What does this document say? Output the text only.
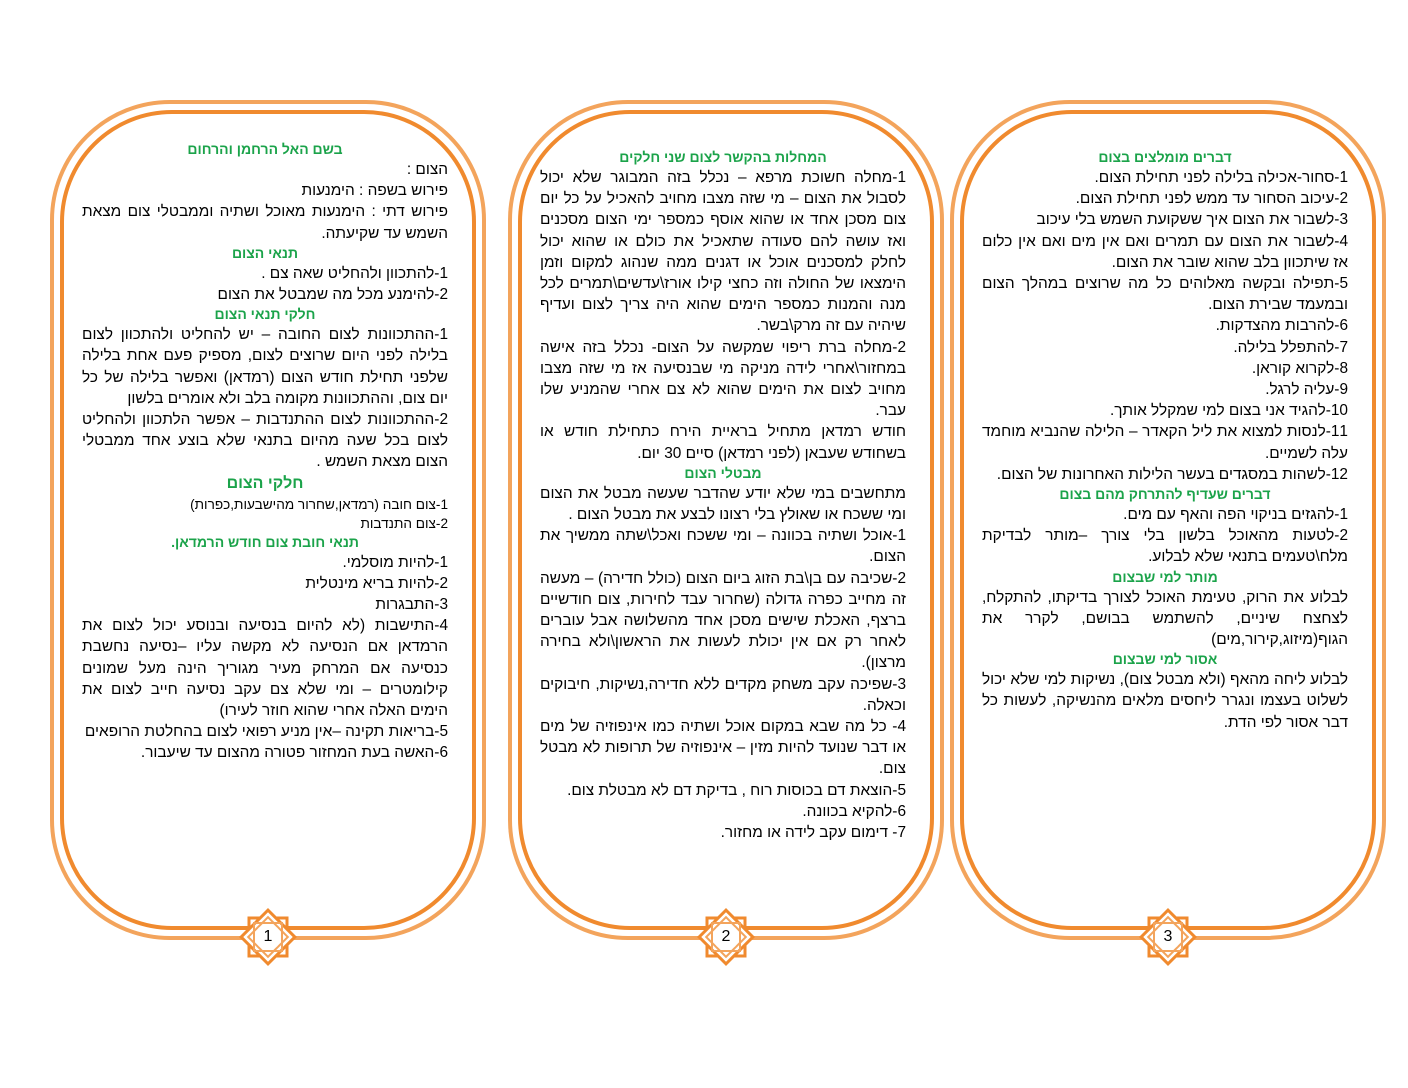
בשם האל הרחמן והרחום

הצום :

פירוש בשפה : הימנעות

פירוש דתי : הימנעות מאוכל ושתיה וממבטלי צום מצאת השמש עד שקיעתה.

תנאי הצום

1-להתכוון ולהחליט שאה צם .

2-להימנע מכל מה שמבטל את הצום

חלקי תנאי הצום

1-ההתכוונות לצום החובה – יש להחליט ולהתכוון לצום בלילה לפני היום שרוצים לצום, מספיק פעם אחת בלילה שלפני תחילת חודש הצום (רמדאן) ואפשר בלילה של כל יום צום, וההתכוונות מקומה בלב ולא אומרים בלשון

2-ההתכוונות לצום ההתנדבות – אפשר הלתכוון ולהחליט לצום בכל שעה מהיום בתנאי שלא בוצע אחד ממבטלי הצום מצאת השמש .

חלקי הצום

1-צום חובה (רמדאן,שחרור מהישבעות,כפרות)

2-צום התנדבות

תנאי חובת צום חודש הרמדאן.

1-להיות מוסלמי.

2-להיות בריא מינטלית

3-התבגרות

4-התישבות (לא להיום בנסיעה ובנוסע יכול לצום את הרמדאן אם הנסיעה לא מקשה עליו –נסיעה נחשבת כנסיעה אם המרחק מעיר מגוריך הינה מעל שמונים קילומטרים – ומי שלא צם עקב נסיעה חייב לצום את הימים האלה אחרי שהוא חוזר לעירו)

5-בריאות תקינה –אין מניע רפואי לצום בהחלטת הרופאים

6-האשה בעת המחזור פטורה מהצום עד שיעבור.

1

המחלות בהקשר לצום שני חלקים

1-מחלה חשוכת מרפא – נכלל בזה המבוגר שלא יכול לסבול את הצום – מי שזה מצבו מחויב להאכיל על כל יום צום מסכן אחד או שהוא אוסף כמספר ימי הצום מסכנים ואז עושה להם סעודה שתאכיל את כולם או שהוא יכול לחלק למסכנים אוכל או דגנים ממה שנהוג למקום וזמן הימצאו של החולה וזה כחצי קילו אורז\עדשים\תמרים לכל מנה והמנות כמספר הימים שהוא היה צריך לצום ועדיף שיהיה עם זה מרק\בשר.

2-מחלה ברת ריפוי שמקשה על הצום- נכלל בזה אישה במחזור\אחרי לידה מניקה מי שבנסיעה אז מי שזה מצבו מחויב לצום את הימים שהוא לא צם אחרי שהמניע שלו עבר.

חודש רמדאן מתחיל בראיית הירח כתחילת חודש או בשחודש שעבאן (לפני רמדאן) סיים 30 יום.

מבטלי הצום

מתחשבים במי שלא יודע שהדבר שעשה מבטל את הצום ומי ששכח או שאולץ בלי רצונו לבצע את מבטל הצום .

1-אוכל ושתיה בכוונה – ומי ששכח ואכל\שתה ממשיך את הצום.

2-שכיבה עם בן\בת הזוג ביום הצום (כולל חדירה) – מעשה זה מחייב כפרה גדולה (שחרור עבד לחירות, צום חודשיים ברצף, האכלת שישים מסכן אחד מהשלושה אבל עוברים לאחר רק אם אין יכולת לעשות את הראשון\ולא בחירה מרצון).

3-שפיכה עקב משחק מקדים ללא חדירה,נשיקות, חיבוקים וכאלה.

4- כל מה שבא במקום אוכל ושתיה כמו אינפוזיה של מים או דבר שנועד להיות מזין – אינפוזיה של תרופות לא מבטל צום.

5-הוצאת דם בכוסות רוח , בדיקת דם לא מבטלת צום.

6-להקיא בכוונה.

7- דימום עקב לידה או מחזור.

2

דברים מומלצים בצום

1-סחור-אכילה בלילה לפני תחילת הצום.

2-עיכוב הסחור עד ממש לפני תחילת הצום.

3-לשבור את הצום איך ששקועת השמש בלי עיכוב

4-לשבור את הצום עם תמרים ואם אין מים ואם אין כלום אז שיתכוון בלב שהוא שובר את הצום.

5-תפילה ובקשה מאלוהים כל מה שרוצים במהלך הצום ובמעמד שבירת הצום.

6-להרבות מהצדקות.

7-להתפלל בלילה.

8-לקרוא קוראן.

9-עליה לרגל.

10-להגיד אני בצום למי שמקלל אותך.

11-לנסות למצוא את ליל הקאדר – הלילה שהנביא מוחמד עלה לשמיים.

12-לשהות במסגדים בעשר הלילות האחרונות של הצום.

דברים שעדיף להתרחק מהם בצום

1-להגזים בניקוי הפה והאף עם מים.

2-לטעות מהאוכל בלשון בלי צורך –מותר לבדיקת מלח\טעמים בתנאי שלא לבלוע.

מותר למי שבצום

לבלוע את הרוק, טעימת האוכל לצורך בדיקתו, להתקלח, לצחצח שיניים, להשתמש בבושם, לקרר את הגוף(מיזוג,קירור,מים)

אסור למי שבצום

לבלוע ליחה מהאף (ולא מבטל צום), נשיקות למי שלא יכול לשלוט בעצמו ונגרר ליחסים מלאים מהנשיקה, לעשות כל דבר אסור לפי הדת.

3
